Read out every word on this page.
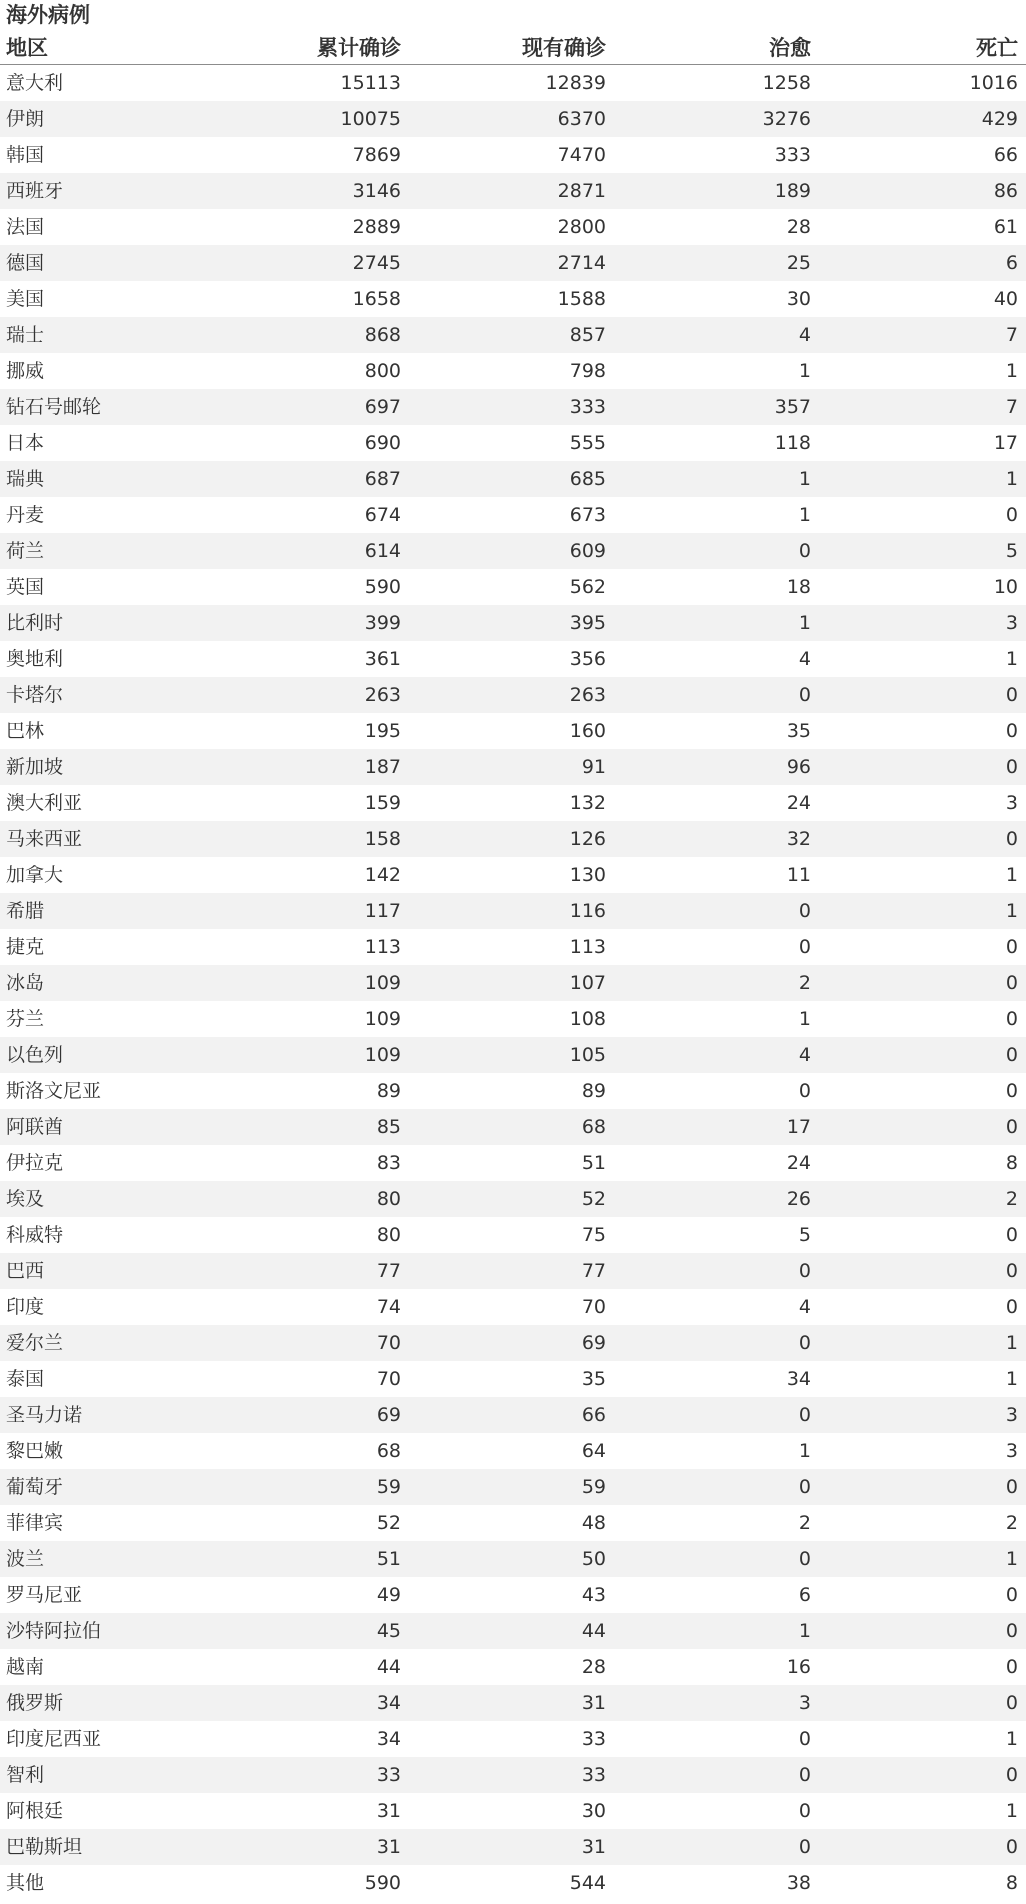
海外病例
地区	累计确诊	现有确诊	治愈	死亡
意大利	15113	12839	1258	1016
伊朗	10075	6370	3276	429
韩国	7869	7470	333	66
西班牙	3146	2871	189	86
法国	2889	2800	28	61
德国	2745	2714	25	6
美国	1658	1588	30	40
瑞士	868	857	4	7
挪威	800	798	1	1
钻石号邮轮	697	333	357	7
日本	690	555	118	17
瑞典	687	685	1	1
丹麦	674	673	1	0
荷兰	614	609	0	5
英国	590	562	18	10
比利时	399	395	1	3
奥地利	361	356	4	1
卡塔尔	263	263	0	0
巴林	195	160	35	0
新加坡	187	91	96	0
澳大利亚	159	132	24	3
马来西亚	158	126	32	0
加拿大	142	130	11	1
希腊	117	116	0	1
捷克	113	113	0	0
冰岛	109	107	2	0
芬兰	109	108	1	0
以色列	109	105	4	0
斯洛文尼亚	89	89	0	0
阿联酋	85	68	17	0
伊拉克	83	51	24	8
埃及	80	52	26	2
科威特	80	75	5	0
巴西	77	77	0	0
印度	74	70	4	0
爱尔兰	70	69	0	1
泰国	70	35	34	1
圣马力诺	69	66	0	3
黎巴嫩	68	64	1	3
葡萄牙	59	59	0	0
菲律宾	52	48	2	2
波兰	51	50	0	1
罗马尼亚	49	43	6	0
沙特阿拉伯	45	44	1	0
越南	44	28	16	0
俄罗斯	34	31	3	0
印度尼西亚	34	33	0	1
智利	33	33	0	0
阿根廷	31	30	0	1
巴勒斯坦	31	31	0	0
其他	590	544	38	8
